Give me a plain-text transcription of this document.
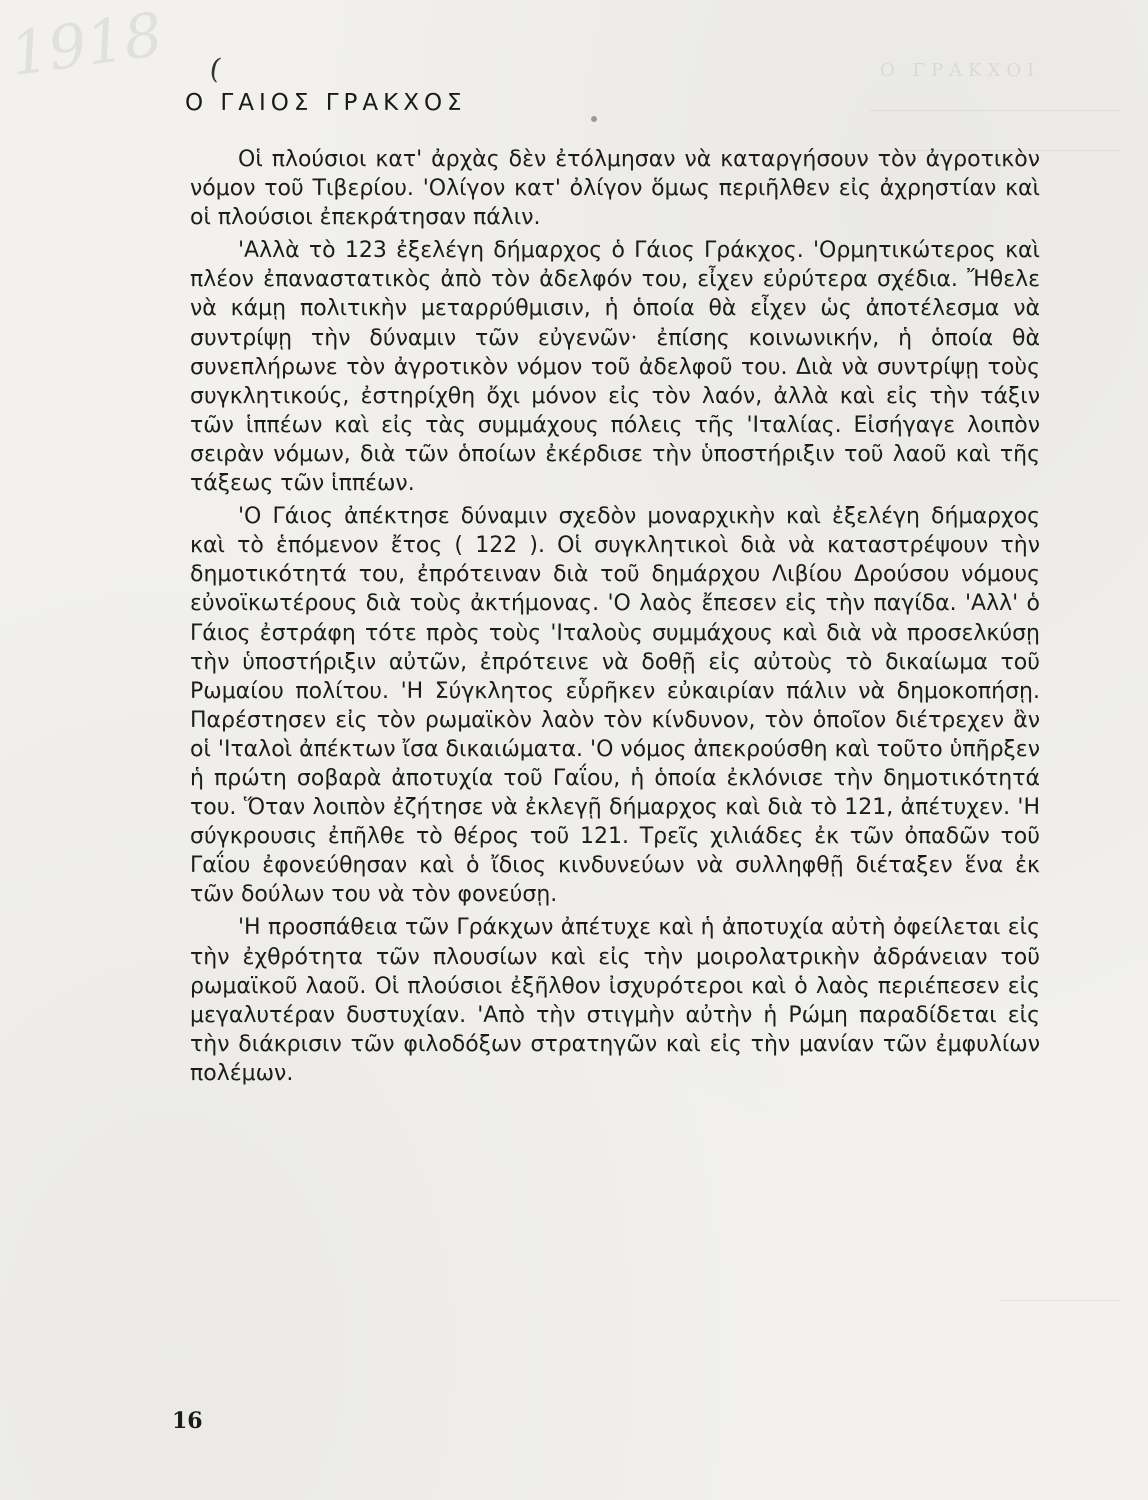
1918	Ο ΓΡΑΚΧΟΙ
(
Ο ΓΑΙΟΣ ΓΡΑΚΧΟΣ

Οἱ πλούσιοι κατ' ἀρχὰς δὲν ἐτόλμησαν νὰ καταργήσουν τὸν ἀγροτικὸν νόμον τοῦ Τιβερίου. 'Ολίγον κατ' ὀλίγον ὅμως περιῆλθεν εἰς ἀχρηστίαν καὶ οἱ πλούσιοι ἐπεκράτησαν πάλιν.

'Αλλὰ τὸ 123 ἐξελέγη δήμαρχος ὁ Γάιος Γράκχος. 'Ορμητικώτερος καὶ πλέον ἐπαναστατικὸς ἀπὸ τὸν ἀδελφόν του, εἶχεν εὐρύτερα σχέδια. Ἤθελε νὰ κάμῃ πολιτικὴν μεταρρύθμισιν, ἡ ὁποία θὰ εἶχεν ὡς ἀποτέλεσμα νὰ συντρίψῃ τὴν δύναμιν τῶν εὐγενῶν· ἐπίσης κοινωνικήν, ἡ ὁποία θὰ συνεπλήρωνε τὸν ἀγροτικὸν νόμον τοῦ ἀδελφοῦ του. Διὰ νὰ συντρίψῃ τοὺς συγκλητικούς, ἐστηρίχθη ὄχι μόνον εἰς τὸν λαόν, ἀλλὰ καὶ εἰς τὴν τάξιν τῶν ἱππέων καὶ εἰς τὰς συμμάχους πόλεις τῆς 'Ιταλίας. Εἰσήγαγε λοιπὸν σειρὰν νόμων, διὰ τῶν ὁποίων ἐκέρδισε τὴν ὑποστήριξιν τοῦ λαοῦ καὶ τῆς τάξεως τῶν ἱππέων.

'Ο Γάιος ἀπέκτησε δύναμιν σχεδὸν μοναρχικὴν καὶ ἐξελέγη δήμαρχος καὶ τὸ ἑπόμενον ἔτος ( 122 ). Οἱ συγκλητικοὶ διὰ νὰ καταστρέψουν τὴν δημοτικότητά του, ἐπρότειναν διὰ τοῦ δημάρχου Λιβίου Δρούσου νόμους εὐνοϊκωτέρους διὰ τοὺς ἀκτήμονας. 'Ο λαὸς ἔπεσεν εἰς τὴν παγίδα. 'Αλλ' ὁ Γάιος ἐστράφη τότε πρὸς τοὺς 'Ιταλοὺς συμμάχους καὶ διὰ νὰ προσελκύσῃ τὴν ὑποστήριξιν αὐτῶν, ἐπρότεινε νὰ δοθῇ εἰς αὐτοὺς τὸ δικαίωμα τοῦ Ρωμαίου πολίτου. 'Η Σύγκλητος εὗρῆκεν εὐκαιρίαν πάλιν νὰ δημοκοπήσῃ. Παρέστησεν εἰς τὸν ρωμαϊκὸν λαὸν τὸν κίνδυνον, τὸν ὁποῖον διέτρεχεν ἂν οἱ 'Ιταλοὶ ἀπέκτων ἴσα δικαιώματα. 'Ο νόμος ἀπεκρούσθη καὶ τοῦτο ὑπῆρξεν ἡ πρώτη σοβαρὰ ἀποτυχία τοῦ Γαΐου, ἡ ὁποία ἐκλόνισε τὴν δημοτικότητά του. Ὅταν λοιπὸν ἐζήτησε νὰ ἐκλεγῇ δήμαρχος καὶ διὰ τὸ 121, ἀπέτυχεν. 'Η σύγκρουσις ἐπῆλθε τὸ θέρος τοῦ 121. Τρεῖς χιλιάδες ἐκ τῶν ὀπαδῶν τοῦ Γαΐου ἐφονεύθησαν καὶ ὁ ἴδιος κινδυνεύων νὰ συλληφθῇ διέταξεν ἕνα ἐκ τῶν δούλων του νὰ τὸν φονεύσῃ.

'Η προσπάθεια τῶν Γράκχων ἀπέτυχε καὶ ἡ ἀποτυχία αὐτὴ ὀφείλεται εἰς τὴν ἐχθρότητα τῶν πλουσίων καὶ εἰς τὴν μοιρολατρικὴν ἀδράνειαν τοῦ ρωμαϊκοῦ λαοῦ. Οἱ πλούσιοι ἐξῆλθον ἰσχυρότεροι καὶ ὁ λαὸς περιέπεσεν εἰς μεγαλυτέραν δυστυχίαν. 'Απὸ τὴν στιγμὴν αὐτὴν ἡ Ρώμη παραδίδεται εἰς τὴν διάκρισιν τῶν φιλοδόξων στρατηγῶν καὶ εἰς τὴν μανίαν τῶν ἐμφυλίων πολέμων.

16
